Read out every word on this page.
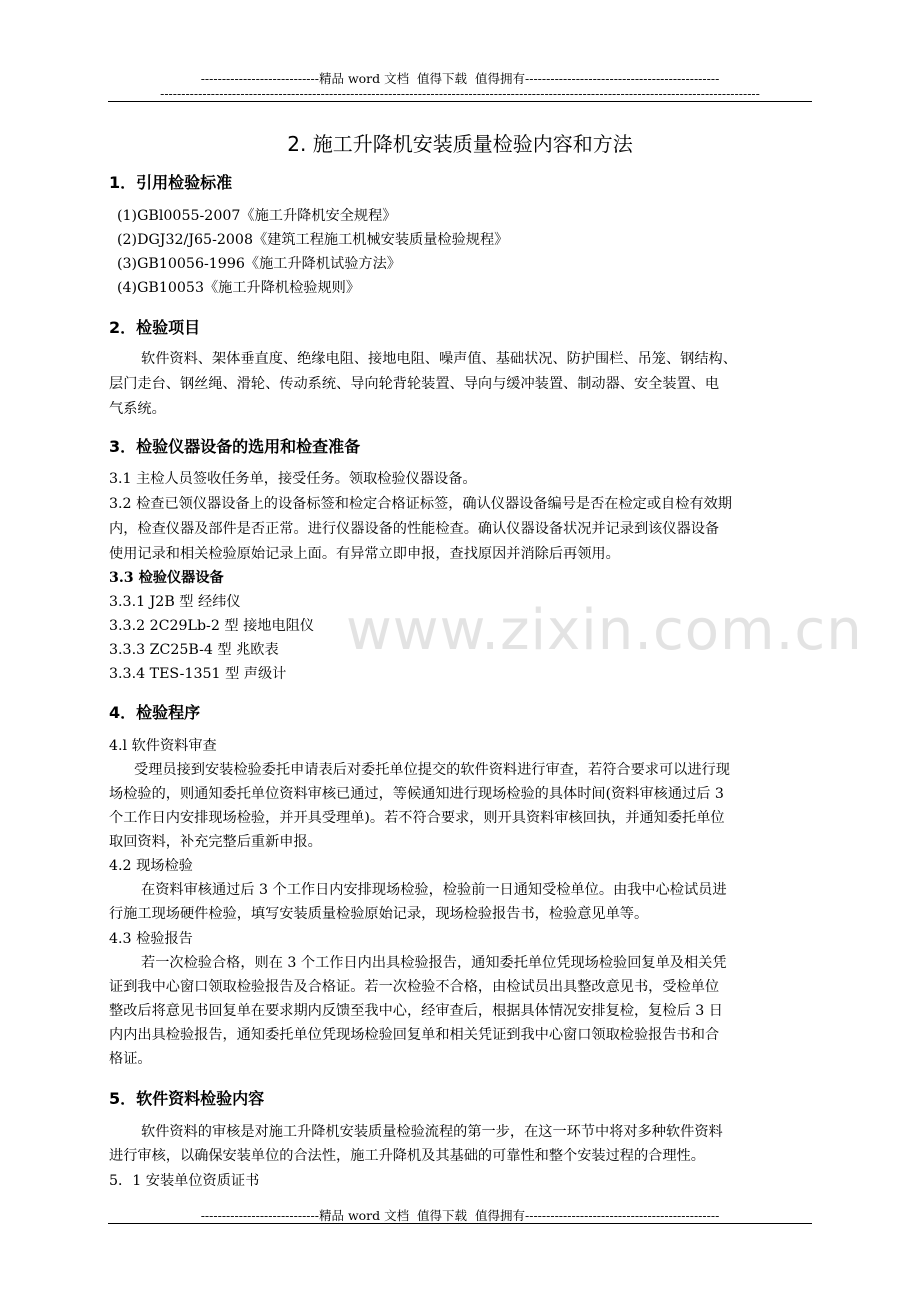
----------------------------精品 word 文档  值得下载  值得拥有----------------------------------------------
----------------------------------------------------------------------------------------------------------------------------------------------
2. 施工升降机安装质量检验内容和方法
1．引用检验标准
(1)GBl0055-2007《施工升降机安全规程》
(2)DGJ32/J65-2008《建筑工程施工机械安装质量检验规程》
(3)GB10056-1996《施工升降机试验方法》
(4)GB10053《施工升降机检验规则》
2．检验项目
软件资料、架体垂直度、绝缘电阻、接地电阻、噪声值、基础状况、防护围栏、吊笼、钢结构、
层门走台、钢丝绳、滑轮、传动系统、导向轮背轮装置、导向与缓冲装置、制动器、安全装置、电
气系统。
3．检验仪器设备的选用和检查准备
3.1 主检人员签收任务单，接受任务。领取检验仪器设备。
3.2 检查已领仪器设备上的设备标签和检定合格证标签，确认仪器设备编号是否在检定或自检有效期
内，检查仪器及部件是否正常。进行仪器设备的性能检查。确认仪器设备状况并记录到该仪器设备
使用记录和相关检验原始记录上面。有异常立即申报，查找原因并消除后再领用。
3.3 检验仪器设备
3.3.1 J2B 型 经纬仪
3.3.2 2C29Lb-2 型 接地电阻仪
3.3.3 ZC25B-4 型 兆欧表
3.3.4 TES-1351 型 声级计
4．检验程序
4.l 软件资料审查
受理员接到安装检验委托申请表后对委托单位提交的软件资料进行审查，若符合要求可以进行现
场检验的，则通知委托单位资料审核已通过，等候通知进行现场检验的具体时间(资料审核通过后 3
个工作日内安排现场检验，并开具受理单)。若不符合要求，则开具资料审核回执，并通知委托单位
取回资料，补充完整后重新申报。
4.2 现场检验
在资料审核通过后 3 个工作日内安排现场检验，检验前一日通知受检单位。由我中心检试员进
行施工现场硬件检验，填写安装质量检验原始记录，现场检验报告书，检验意见单等。
4.3 检验报告
若一次检验合格，则在 3 个工作日内出具检验报告，通知委托单位凭现场检验回复单及相关凭
证到我中心窗口领取检验报告及合格证。若一次检验不合格，由检试员出具整改意见书，受检单位
整改后将意见书回复单在要求期内反馈至我中心，经审查后，根据具体情况安排复检，复检后 3 日
内内出具检验报告，通知委托单位凭现场检验回复单和相关凭证到我中心窗口领取检验报告书和合
格证。
5．软件资料检验内容
软件资料的审核是对施工升降机安装质量检验流程的第一步，在这一环节中将对多种软件资料
进行审核，以确保安装单位的合法性，施工升降机及其基础的可靠性和整个安装过程的合理性。
5．1 安装单位资质证书
www.zixin.com.cn
----------------------------精品 word 文档  值得下载  值得拥有----------------------------------------------
